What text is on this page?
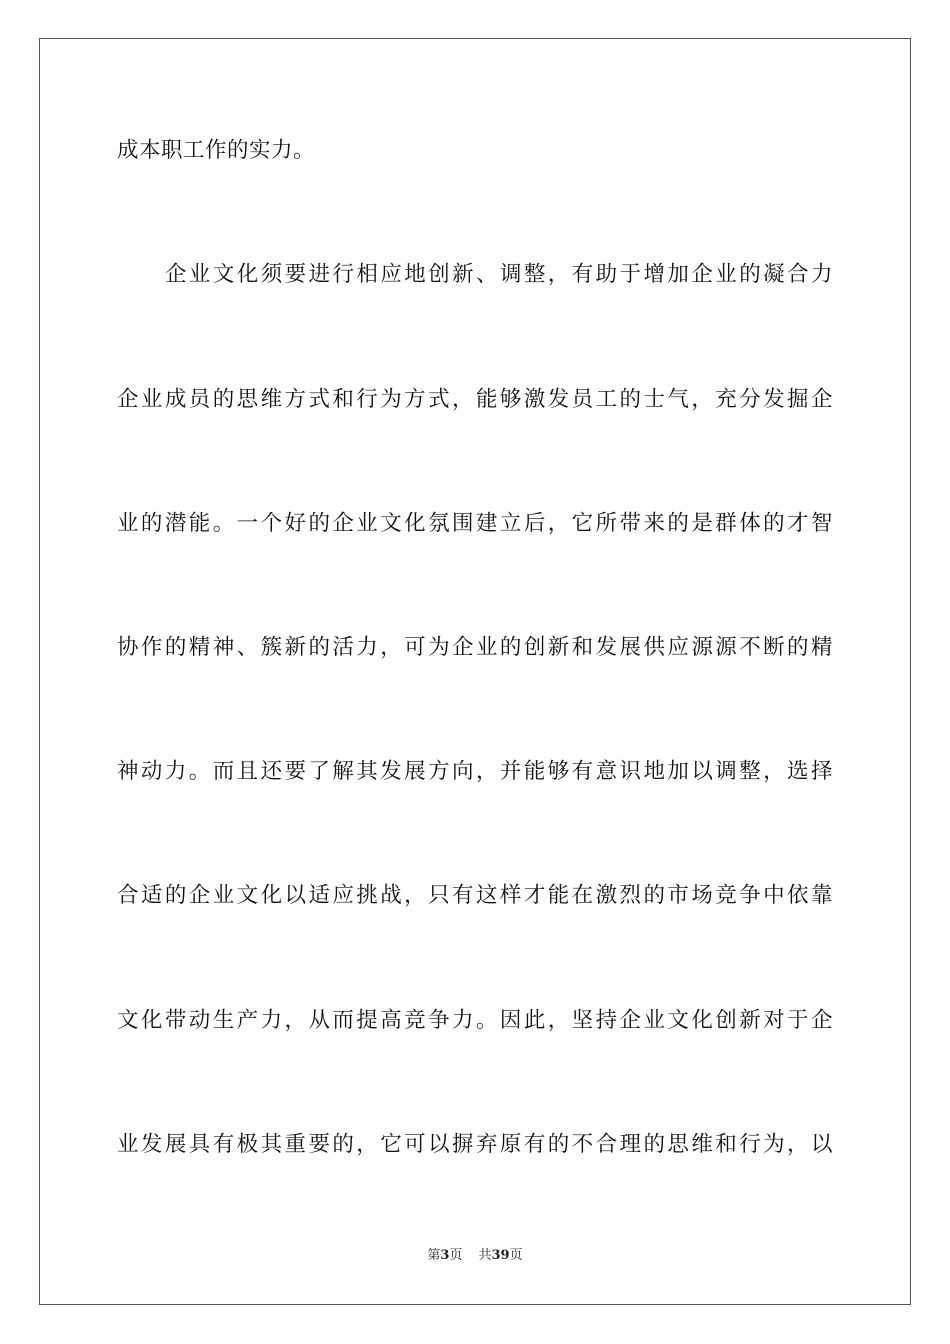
成本职工作的实力。
企业文化须要进行相应地创新、调整，有助于增加企业的凝合力
企业成员的思维方式和行为方式，能够激发员工的士气，充分发掘企
业的潜能。一个好的企业文化氛围建立后，它所带来的是群体的才智
协作的精神、簇新的活力，可为企业的创新和发展供应源源不断的精
神动力。而且还要了解其发展方向，并能够有意识地加以调整，选择
合适的企业文化以适应挑战，只有这样才能在激烈的市场竞争中依靠
文化带动生产力，从而提高竞争力。因此，坚持企业文化创新对于企
业发展具有极其重要的，它可以摒弃原有的不合理的思维和行为，以
第3页 共39页
